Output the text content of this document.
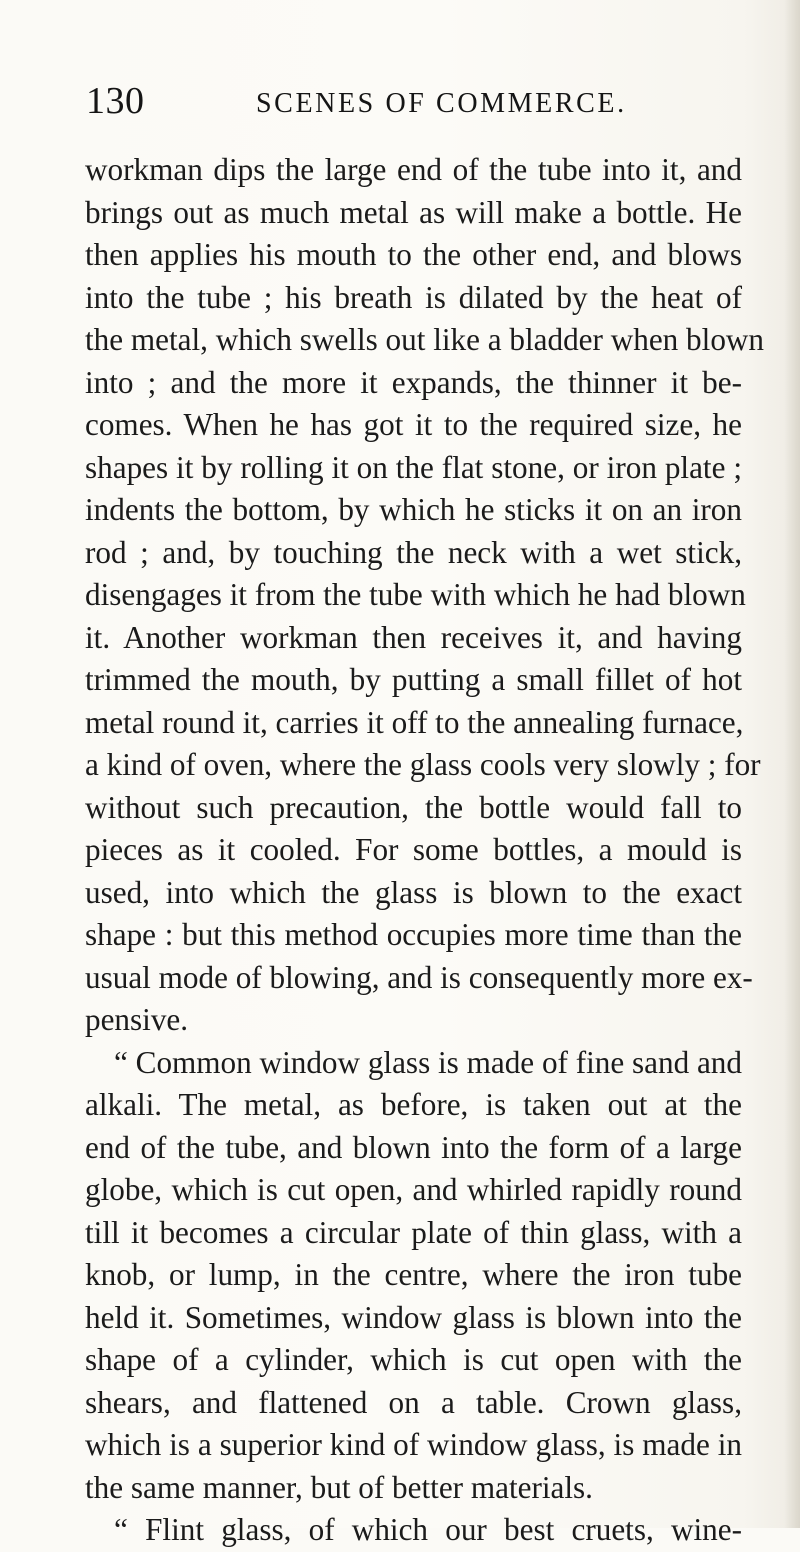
130	SCENES OF COMMERCE.
workman dips the large end of the tube into it, and
brings out as much metal as will make a bottle. He
then applies his mouth to the other end, and blows
into the tube ; his breath is dilated by the heat of
the metal, which swells out like a bladder when blown
into ; and the more it expands, the thinner it be-
comes. When he has got it to the required size, he
shapes it by rolling it on the flat stone, or iron plate ;
indents the bottom, by which he sticks it on an iron
rod ; and, by touching the neck with a wet stick,
disengages it from the tube with which he had blown
it. Another workman then receives it, and having
trimmed the mouth, by putting a small fillet of hot
metal round it, carries it off to the annealing furnace,
a kind of oven, where the glass cools very slowly ; for
without such precaution, the bottle would fall to
pieces as it cooled. For some bottles, a mould is
used, into which the glass is blown to the exact
shape : but this method occupies more time than the
usual mode of blowing, and is consequently more ex-
pensive.
“ Common window glass is made of fine sand and
alkali. The metal, as before, is taken out at the
end of the tube, and blown into the form of a large
globe, which is cut open, and whirled rapidly round
till it becomes a circular plate of thin glass, with a
knob, or lump, in the centre, where the iron tube
held it. Sometimes, window glass is blown into the
shape of a cylinder, which is cut open with the
shears, and flattened on a table. Crown glass,
which is a superior kind of window glass, is made in
the same manner, but of better materials.
“ Flint glass, of which our best cruets, wine-
